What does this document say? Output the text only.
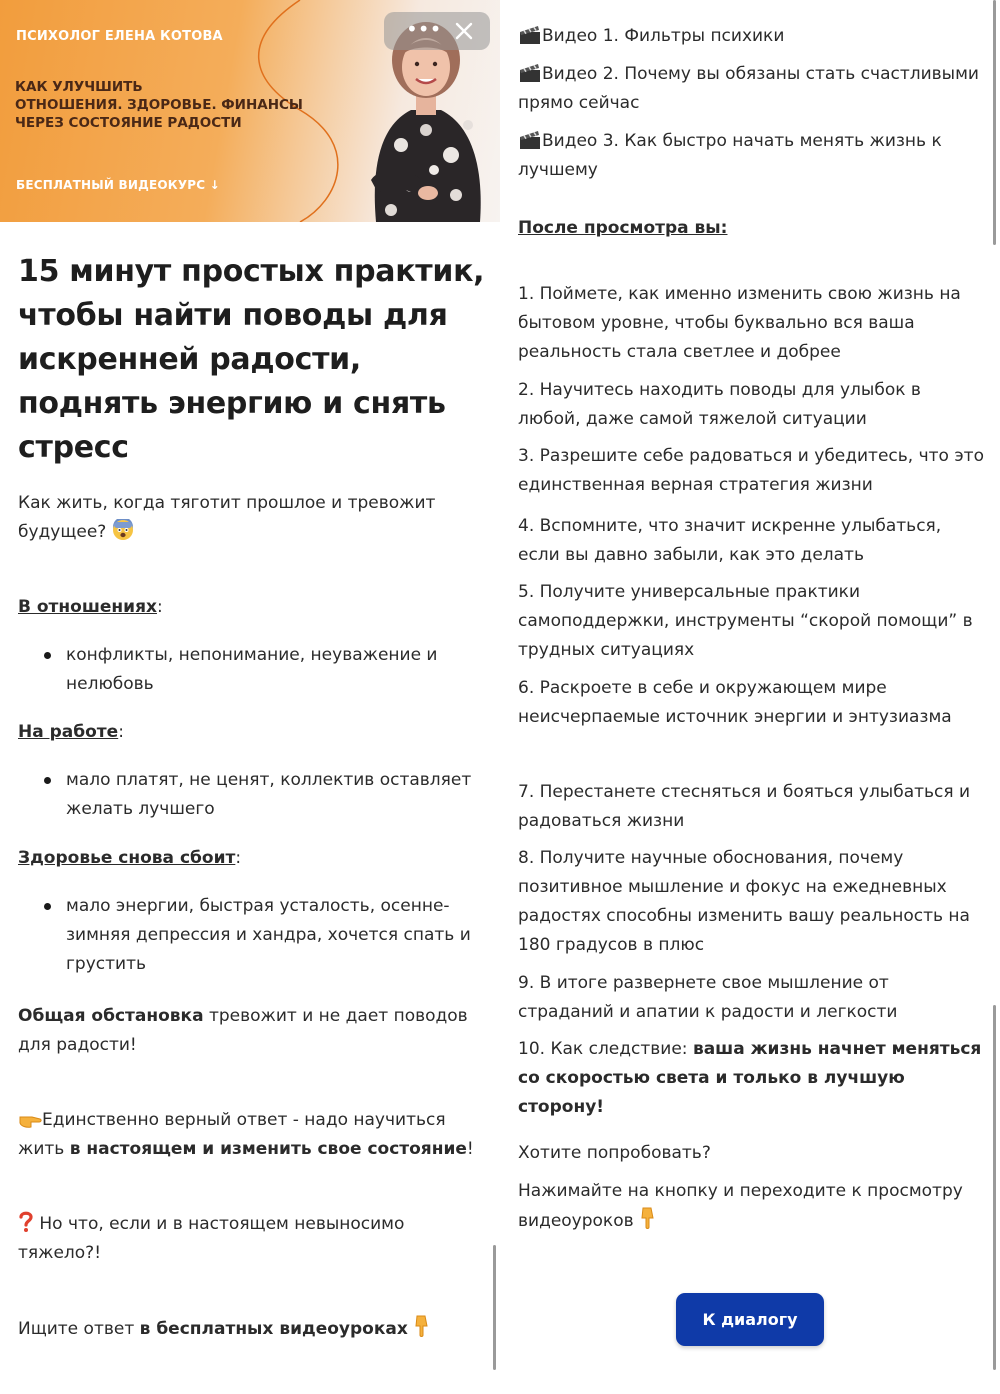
ПСИХОЛОГ ЕЛЕНА КОТОВА
КАК УЛУЧШИТЬ
ОТНОШЕНИЯ. ЗДОРОВЬЕ. ФИНАНСЫ
ЧЕРЕЗ СОСТОЯНИЕ РАДОСТИ
БЕСПЛАТНЫЙ ВИДЕОКУРС ↓
•••
15 минут простых практик, чтобы найти поводы для искренней радости, поднять энергию и снять стресс
Как жить, когда тяготит прошлое и тревожит будущее?
В отношениях:
конфликты, непонимание, неуважение и нелюбовь
На работе:
мало платят, не ценят, коллектив оставляет желать лучшего
Здоровье снова сбоит:
мало энергии, быстрая усталость, осенне-зимняя депрессия и хандра, хочется спать и грустить
Общая обстановка тревожит и не дает поводов для радости!
Единственно верный ответ - надо научиться жить в настоящем и изменить свое состояние!
Но что, если и в настоящем невыносимо тяжело?!
Ищите ответ в бесплатных видеоуроках
Видео 1. Фильтры психики
Видео 2. Почему вы обязаны стать счастливыми прямо сейчас
Видео 3. Как быстро начать менять жизнь к лучшему
После просмотра вы:
1. Поймете, как именно изменить свою жизнь на бытовом уровне, чтобы буквально вся ваша реальность стала светлее и добрее
2. Научитесь находить поводы для улыбок в любой, даже самой тяжелой ситуации
3. Разрешите себе радоваться и убедитесь, что это единственная верная стратегия жизни
4. Вспомните, что значит искренне улыбаться, если вы давно забыли, как это делать
5. Получите универсальные практики самоподдержки, инструменты “скорой помощи” в трудных ситуациях
6. Раскроете в себе и окружающем мире неисчерпаемые источник энергии и энтузиазма
7. Перестанете стесняться и бояться улыбаться и радоваться жизни
8. Получите научные обоснования, почему позитивное мышление и фокус на ежедневных радостях способны изменить вашу реальность на 180 градусов в плюс
9. В итоге развернете свое мышление от страданий и апатии к радости и легкости
10. Как следствие: ваша жизнь начнет меняться со скоростью света и только в лучшую сторону!
Хотите попробовать?
Нажимайте на кнопку и переходите к просмотру видеоуроков
К диалогу
